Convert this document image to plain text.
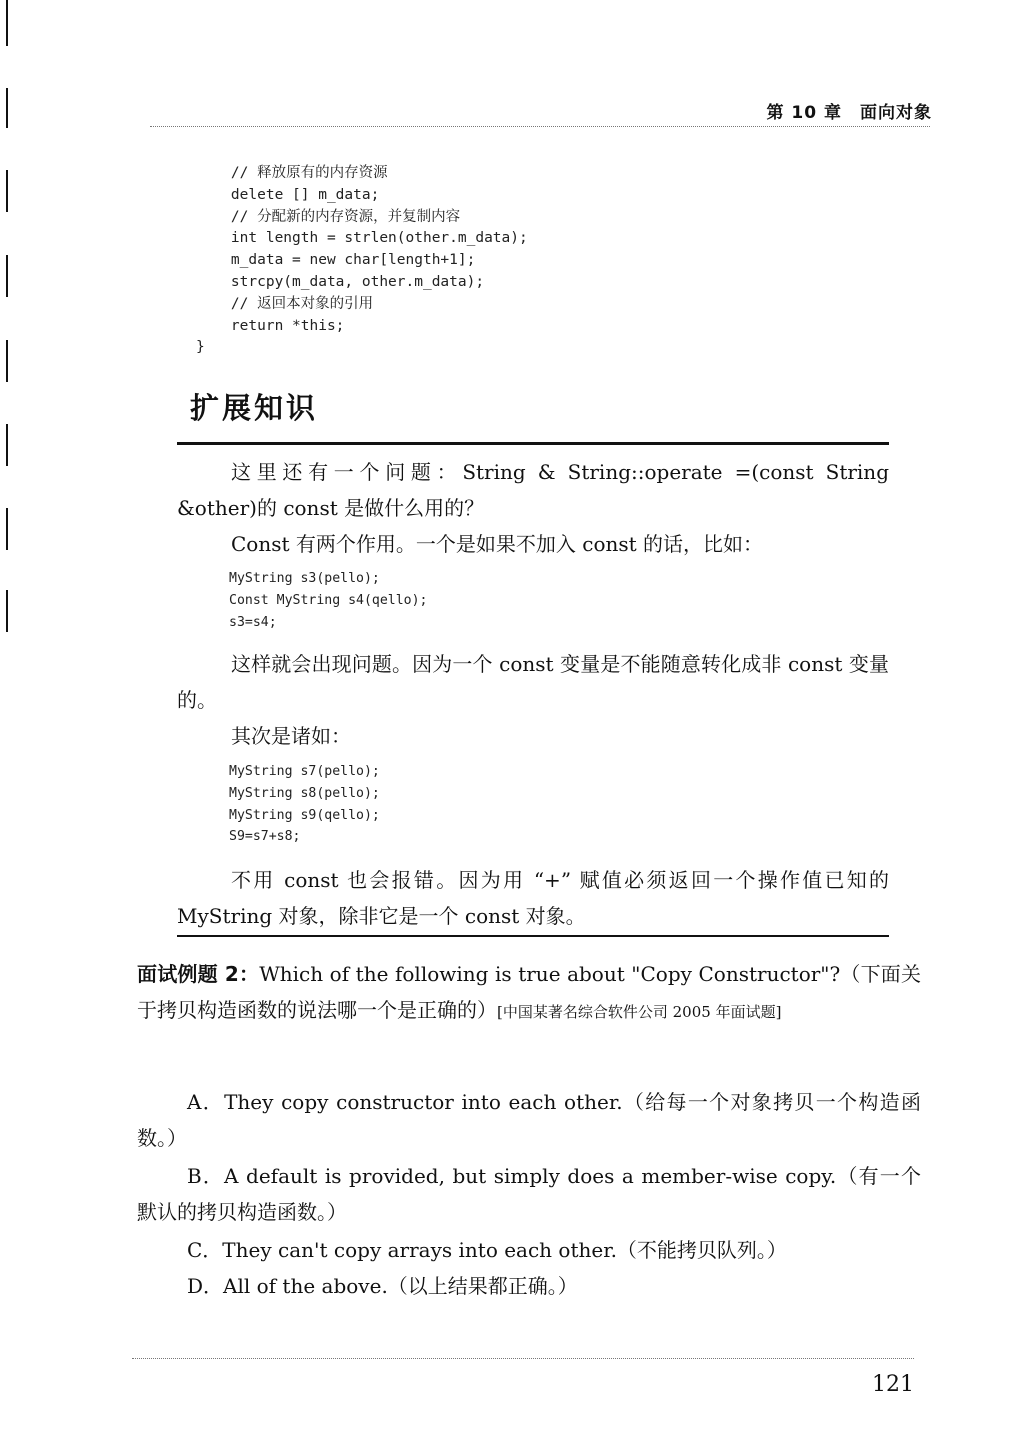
第 10 章 面向对象
// 释放原有的内存资源
delete [] m_data;
// 分配新的内存资源，并复制内容
int length = strlen(other.m_data);
m_data = new char[length+1];
strcpy(m_data, other.m_data);
// 返回本对象的引用
return *this;
}
扩展知识

这里还有一个问题：String & String::operate =(const String &other)的 const 是做什么用的？

Const 有两个作用。一个是如果不加入 const 的话，比如：

MyString s3(pello);
Const MyString s4(qello);
s3=s4;

这样就会出现问题。因为一个 const 变量是不能随意转化成非 const 变量的。

其次是诸如：

MyString s7(pello);
MyString s8(pello);
MyString s9(qello);
S9=s7+s8;

不用 const 也会报错。因为用 “+” 赋值必须返回一个操作值已知的 MyString 对象，除非它是一个 const 对象。

面试例题 2：Which of the following is true about "Copy Constructor"?（下面关于拷贝构造函数的说法哪一个是正确的）[中国某著名综合软件公司 2005 年面试题]

A．They copy constructor into each other.（给每一个对象拷贝一个构造函数。）

B．A default is provided, but simply does a member-wise copy.（有一个默认的拷贝构造函数。）

C．They can't copy arrays into each other.（不能拷贝队列。）

D．All of the above.（以上结果都正确。）

121
